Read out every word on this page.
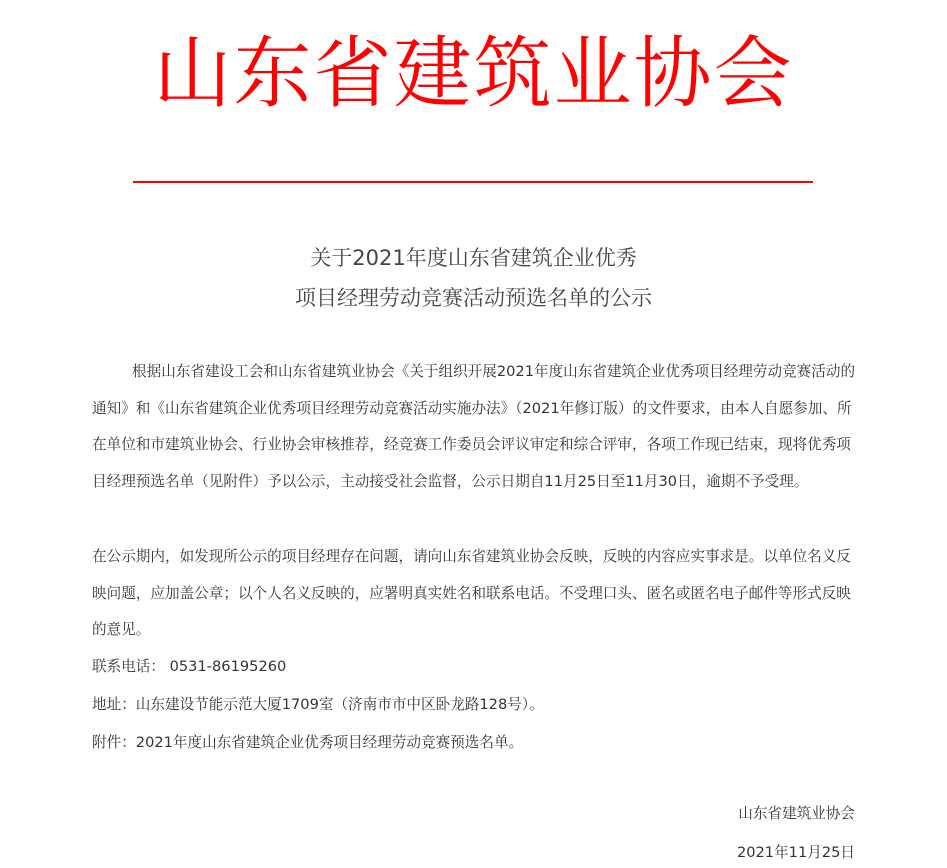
山东省建筑业协会
关于2021年度山东省建筑企业优秀
项目经理劳动竞赛活动预选名单的公示

根据山东省建设工会和山东省建筑业协会《关于组织开展2021年度山东省建筑企业优秀项目经理劳动竞赛活动的通知》和《山东省建筑企业优秀项目经理劳动竞赛活动实施办法》（2021年修订版）的文件要求，由本人自愿参加、所在单位和市建筑业协会、行业协会审核推荐，经竞赛工作委员会评议审定和综合评审，各项工作现已结束，现将优秀项目经理预选名单（见附件）予以公示，主动接受社会监督，公示日期自11月25日至11月30日，逾期不予受理。

在公示期内，如发现所公示的项目经理存在问题，请向山东省建筑业协会反映，反映的内容应实事求是。以单位名义反映问题，应加盖公章；以个人名义反映的，应署明真实姓名和联系电话。不受理口头、匿名或匿名电子邮件等形式反映的意见。

联系电话： 0531-86195260

地址：山东建设节能示范大厦1709室（济南市市中区卧龙路128号）。

附件：2021年度山东省建筑企业优秀项目经理劳动竞赛预选名单。

山东省建筑业协会

2021年11月25日
